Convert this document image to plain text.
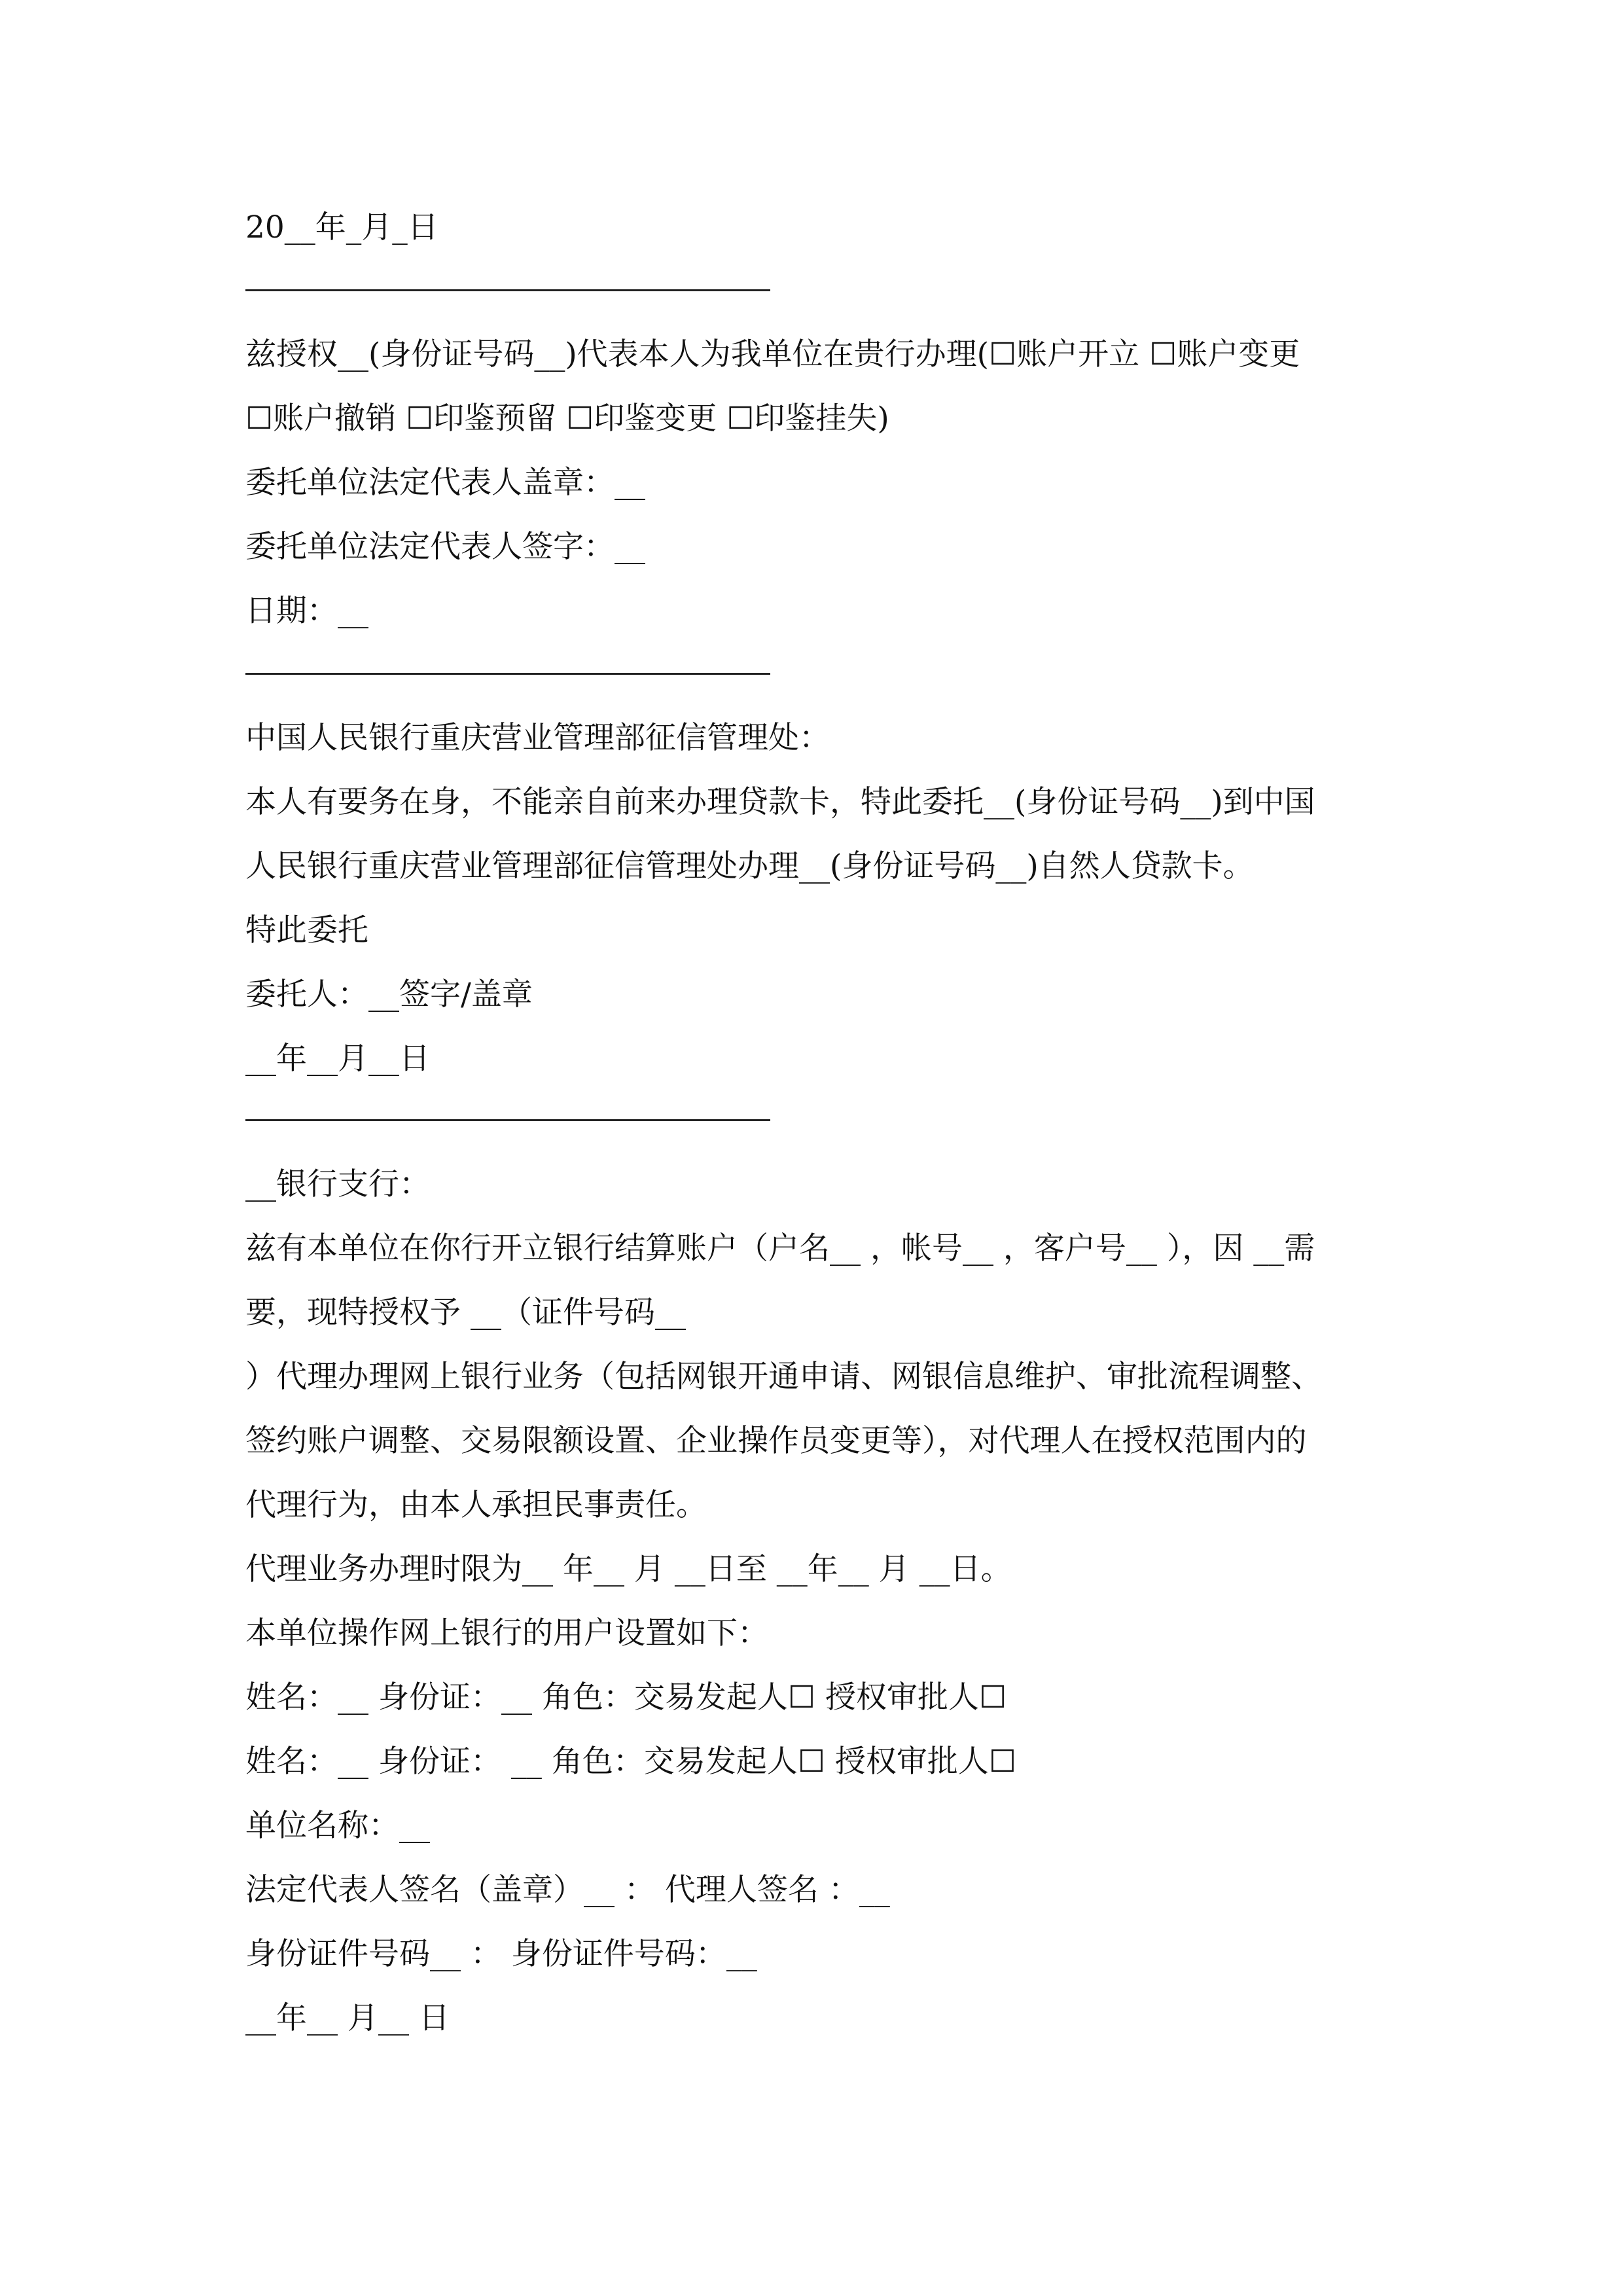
20__年_月_日
兹授权__(身份证号码__)代表本人为我单位在贵行办理(☐账户开立 ☐账户变更
☐账户撤销 ☐印鉴预留 ☐印鉴变更 ☐印鉴挂失)
委托单位法定代表人盖章：__
委托单位法定代表人签字：__
日期：__
中国人民银行重庆营业管理部征信管理处：
本人有要务在身，不能亲自前来办理贷款卡，特此委托__(身份证号码__)到中国
人民银行重庆营业管理部征信管理处办理__(身份证号码__)自然人贷款卡。
特此委托
委托人：__签字/盖章
__年__月__日
__银行支行：
兹有本单位在你行开立银行结算账户（户名__ ，帐号__ ，客户号__ ），因 __需
要，现特授权予 __（证件号码__
）代理办理网上银行业务（包括网银开通申请、网银信息维护、审批流程调整、
签约账户调整、交易限额设置、企业操作员变更等），对代理人在授权范围内的
代理行为，由本人承担民事责任。
代理业务办理时限为__ 年__ 月 __日至 __年__ 月 __日。
本单位操作网上银行的用户设置如下：
姓名：__ 身份证：__ 角色：交易发起人☐ 授权审批人☐
姓名：__ 身份证： __ 角色：交易发起人☐ 授权审批人☐
单位名称：__
法定代表人签名（盖章）__ ： 代理人签名 ：__
身份证件号码__ ： 身份证件号码：__
__年__ 月__ 日
